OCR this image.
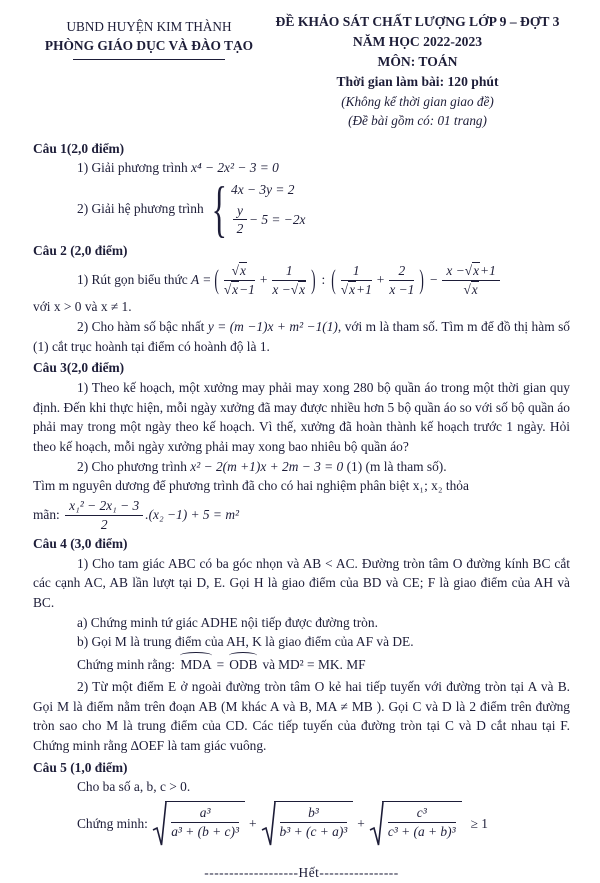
UBND HUYỆN KIM THÀNH
PHÒNG GIÁO DỤC VÀ ĐÀO TẠO
ĐỀ KHẢO SÁT CHẤT LƯỢNG LỚP 9 – ĐỢT 3
NĂM HỌC 2022-2023
MÔN: TOÁN
Thời gian làm bài: 120 phút
(Không kể thời gian giao đề)
(Đề bài gồm có: 01 trang)

Câu 1(2,0 điểm)

1) Giải phương trình x⁴ − 2x² − 3 = 0

2) Giải hệ phương trình { 4x − 3y = 2
$\frac{y}{2} - 5 = -2x$

Câu 2 (2,0 điểm)

1) Rút gọn biểu thức
A = ( $\frac{√x}{√x-1} + \frac{1}{x -√x}$ ) : ( $\frac{1}{√x+1} + \frac{2}{x -1}$ ) − $\frac{x -√x+1}{√x}$

với x > 0 và x ≠ 1.

2) Cho hàm số bậc nhất y = (m −1)x + m² −1(1), với m là tham số. Tìm m để đồ thị hàm số (1) cắt trục hoành tại điểm có hoành độ là 1.

Câu 3(2,0 điểm)

1) Theo kế hoạch, một xưởng may phải may xong 280 bộ quần áo trong một thời gian quy định. Đến khi thực hiện, mỗi ngày xưởng đã may được nhiều hơn 5 bộ quần áo so với số bộ quần áo phải may trong một ngày theo kế hoạch. Vì thế, xưởng đã hoàn thành kế hoạch trước 1 ngày. Hỏi theo kế hoạch, mỗi ngày xưởng phải may xong bao nhiêu bộ quần áo?

2) Cho phương trình x² − 2(m +1)x + 2m − 3 = 0 (1) (m là tham số).

Tìm m nguyên dương để phương trình đã cho có hai nghiệm phân biệt x₁; x₂ thỏa

mãn:
$\frac{\text{x₁² − 2x₁ − 3}}{2} .(x_2 -1) + 5 = m^2$

Câu 4 (3,0 điểm)

1) Cho tam giác ABC có ba góc nhọn và AB < AC. Đường tròn tâm O đường kính BC cắt các cạnh AC, AB lần lượt tại D, E. Gọi H là giao điểm của BD và CE; F là giao điểm của AH và BC.

a) Chứng minh tứ giác ADHE nội tiếp được đường tròn.

b) Gọi M là trung điểm của AH, K là giao điểm của AF và DE.

Chứng minh rằng:
MDA = ODB và MD² = MK. MF

2) Từ một điểm E ở ngoài đường tròn tâm O kẻ hai tiếp tuyến với đường tròn tại A và B. Gọi M là điểm nằm trên đoạn AB (M khác A và B, MA ≠ MB ). Gọi C và D là 2 điểm trên đường tròn sao cho M là trung điểm của CD. Các tiếp tuyến của đường tròn tại C và D cắt nhau tại F. Chứng minh rằng ∆OEF là tam giác vuông.

Câu 5 (1,0 điểm)

Cho ba số a, b, c > 0.

Chứng minh:
$\frac{\text{a³}}{\text{a³ + (b + c)³}} + \frac{\text{b³}}{\text{b³ + (c + a)³}} + \frac{\text{c³}}{\text{c³ + (a + b)³}} \ge 1$
-------------------Hết----------------
